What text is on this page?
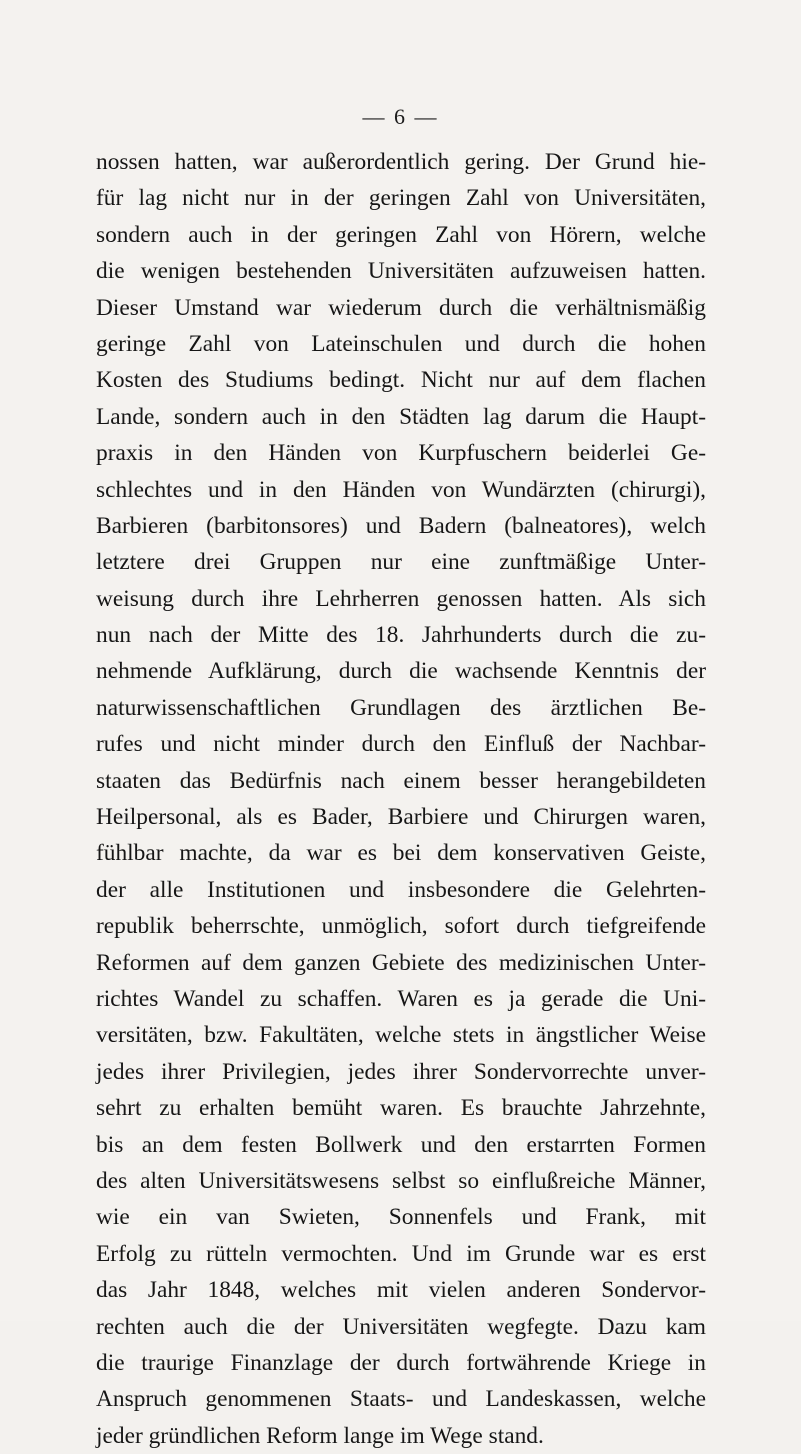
— 6 —
nossen hatten, war außerordentlich gering. Der Grund hie-
für lag nicht nur in der geringen Zahl von Universitäten,
sondern auch in der geringen Zahl von Hörern, welche
die wenigen bestehenden Universitäten aufzuweisen hatten.
Dieser Umstand war wiederum durch die verhältnismäßig
geringe Zahl von Lateinschulen und durch die hohen
Kosten des Studiums bedingt. Nicht nur auf dem flachen
Lande, sondern auch in den Städten lag darum die Haupt-
praxis in den Händen von Kurpfuschern beiderlei Ge-
schlechtes und in den Händen von Wundärzten (chirurgi),
Barbieren (barbitonsores) und Badern (balneatores), welch
letztere drei Gruppen nur eine zunftmäßige Unter-
weisung durch ihre Lehrherren genossen hatten. Als sich
nun nach der Mitte des 18. Jahrhunderts durch die zu-
nehmende Aufklärung, durch die wachsende Kenntnis der
naturwissenschaftlichen Grundlagen des ärztlichen Be-
rufes und nicht minder durch den Einfluß der Nachbar-
staaten das Bedürfnis nach einem besser herangebildeten
Heilpersonal, als es Bader, Barbiere und Chirurgen waren,
fühlbar machte, da war es bei dem konservativen Geiste,
der alle Institutionen und insbesondere die Gelehrten-
republik beherrschte, unmöglich, sofort durch tiefgreifende
Reformen auf dem ganzen Gebiete des medizinischen Unter-
richtes Wandel zu schaffen. Waren es ja gerade die Uni-
versitäten, bzw. Fakultäten, welche stets in ängstlicher Weise
jedes ihrer Privilegien, jedes ihrer Sondervorrechte unver-
sehrt zu erhalten bemüht waren. Es brauchte Jahrzehnte,
bis an dem festen Bollwerk und den erstarrten Formen
des alten Universitätswesens selbst so einflußreiche Männer,
wie ein van Swieten, Sonnenfels und Frank, mit
Erfolg zu rütteln vermochten. Und im Grunde war es erst
das Jahr 1848, welches mit vielen anderen Sondervor-
rechten auch die der Universitäten wegfegte. Dazu kam
die traurige Finanzlage der durch fortwährende Kriege in
Anspruch genommenen Staats- und Landeskassen, welche
jeder gründlichen Reform lange im Wege stand.
